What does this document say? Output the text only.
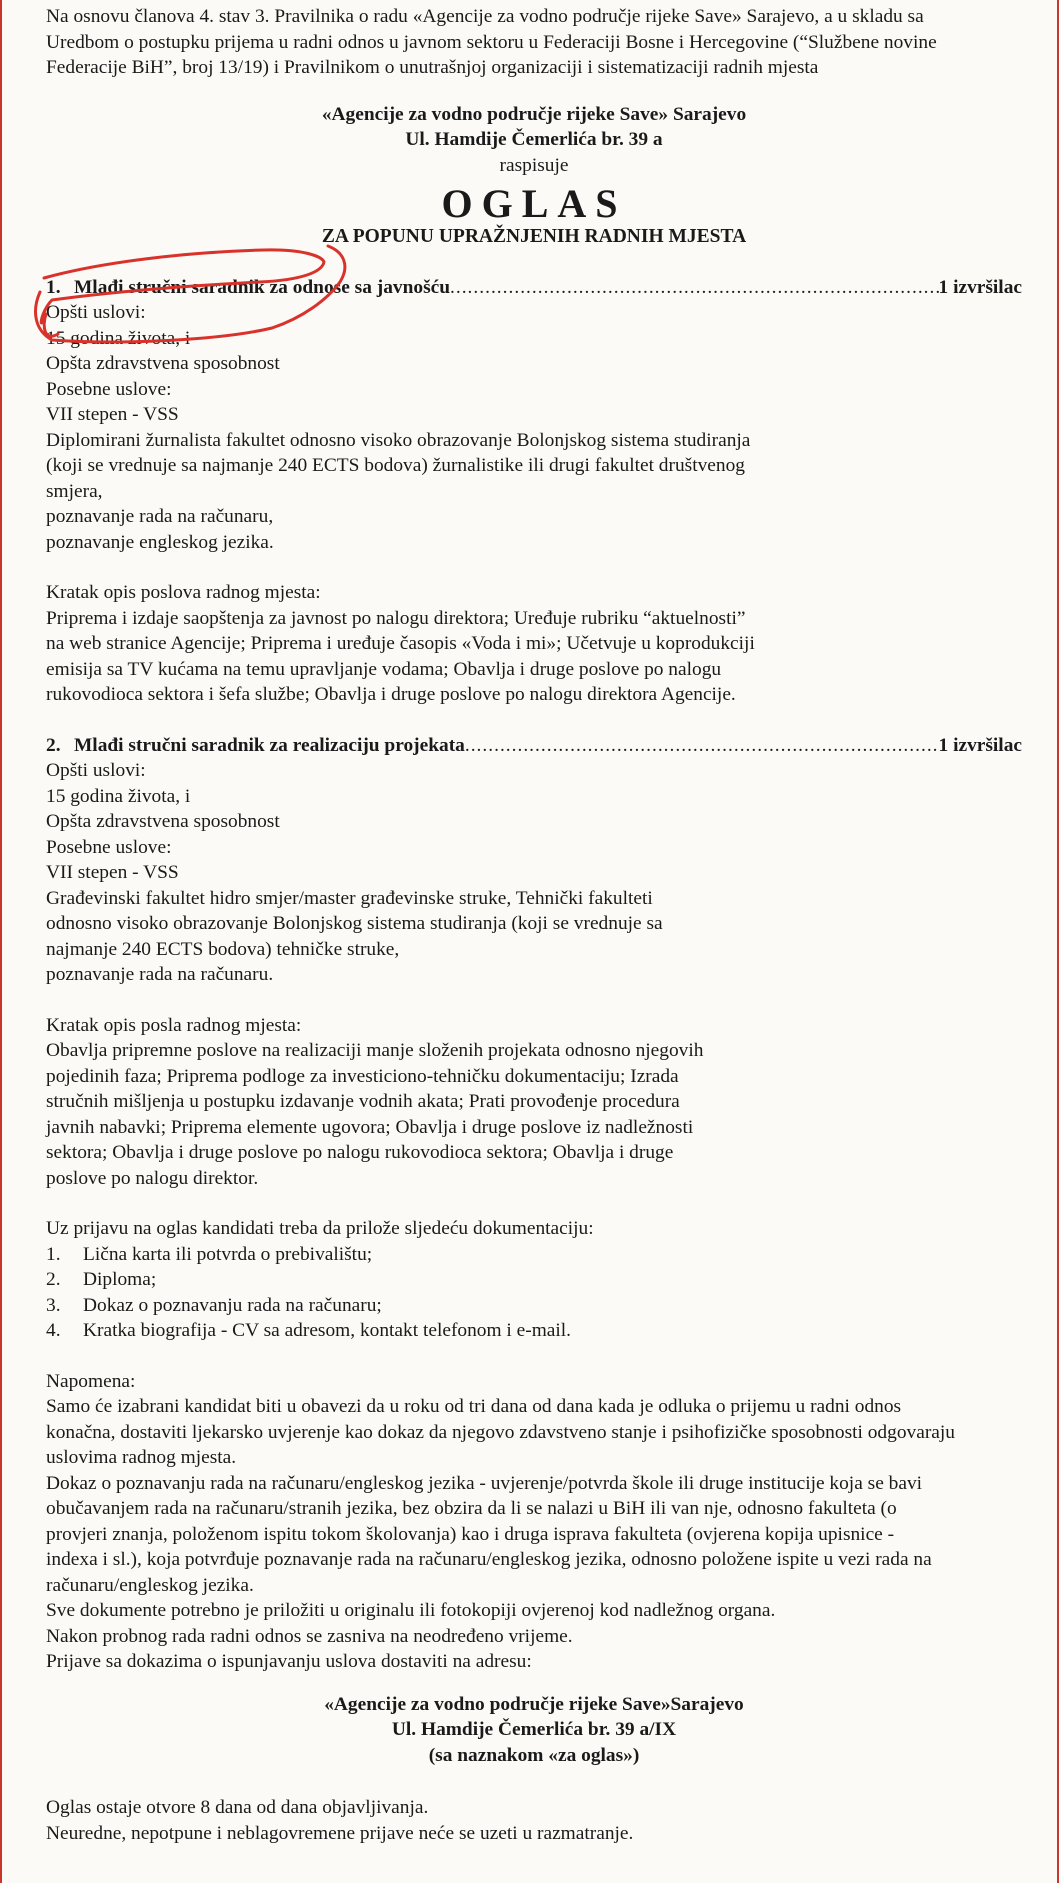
Na osnovu članova 4. stav 3. Pravilnika o radu «Agencije za vodno područje rijeke Save» Sarajevo, a u skladu sa

Uredbom o postupku prijema u radni odnos u javnom sektoru u Federaciji Bosne i Hercegovine (“Službene novine

Federacije BiH”, broj 13/19) i Pravilnikom o unutrašnjoj organizaciji i sistematizaciji radnih mjesta

«Agencije za vodno područje rijeke Save» Sarajevo

Ul. Hamdije Čemerlića br. 39 a

raspisuje

OGLAS

ZA POPUNU UPRAŽNJENIH RADNIH MJESTA

1. Mlađi stručni saradnik za odnose sa javnošću .....	1 izvršilac

Opšti uslovi:

15 godina života, i

Opšta zdravstvena sposobnost

Posebne uslove:

VII stepen - VSS

Diplomirani žurnalista fakultet odnosno visoko obrazovanje Bolonjskog sistema studiranja

(koji se vrednuje sa najmanje 240 ECTS bodova) žurnalistike ili drugi fakultet društvenog

smjera,

poznavanje rada na računaru,

poznavanje engleskog jezika.

Kratak opis poslova radnog mjesta:

Priprema i izdaje saopštenja za javnost po nalogu direktora; Uređuje rubriku “aktuelnosti”

na web stranice Agencije; Priprema i uređuje časopis «Voda i mi»; Učetvuje u koprodukciji

emisija sa TV kućama na temu upravljanje vodama; Obavlja i druge poslove po nalogu

rukovodioca sektora i šefa službe; Obavlja i druge poslove po nalogu direktora Agencije.

2. Mlađi stručni saradnik za realizaciju projekata .....	1 izvršilac

Opšti uslovi:

15 godina života, i

Opšta zdravstvena sposobnost

Posebne uslove:

VII stepen - VSS

Građevinski fakultet hidro smjer/master građevinske struke, Tehnički fakulteti

odnosno visoko obrazovanje Bolonjskog sistema studiranja (koji se vrednuje sa

najmanje 240 ECTS bodova) tehničke struke,

poznavanje rada na računaru.

Kratak opis posla radnog mjesta:

Obavlja pripremne poslove na realizaciji manje složenih projekata odnosno njegovih

pojedinih faza; Priprema podloge za investiciono-tehničku dokumentaciju; Izrada

stručnih mišljenja u postupku izdavanje vodnih akata; Prati provođenje procedura

javnih nabavki; Priprema elemente ugovora; Obavlja i druge poslove iz nadležnosti

sektora; Obavlja i druge poslove po nalogu rukovodioca sektora; Obavlja i druge

poslove po nalogu direktor.

Uz prijavu na oglas kandidati treba da prilože sljedeću dokumentaciju:

1.	Lična karta ili potvrda o prebivalištu;
2.	Diploma;
3.	Dokaz o poznavanju rada na računaru;
4.	Kratka biografija - CV sa adresom, kontakt telefonom i e-mail.

Napomena:

Samo će izabrani kandidat biti u obavezi da u roku od tri dana od dana kada je odluka o prijemu u radni odnos

konačna, dostaviti ljekarsko uvjerenje kao dokaz da njegovo zdavstveno stanje i psihofizičke sposobnosti odgovaraju

uslovima radnog mjesta.

Dokaz o poznavanju rada na računaru/engleskog jezika - uvjerenje/potvrda škole ili druge institucije koja se bavi

obučavanjem rada na računaru/stranih jezika, bez obzira da li se nalazi u BiH ili van nje, odnosno fakulteta (o

provjeri znanja, položenom ispitu tokom školovanja) kao i druga isprava fakulteta (ovjerena kopija upisnice -

indexa i sl.), koja potvrđuje poznavanje rada na računaru/engleskog jezika, odnosno položene ispite u vezi rada na

računaru/engleskog jezika.

Sve dokumente potrebno je priložiti u originalu ili fotokopiji ovjerenoj kod nadležnog organa.

Nakon probnog rada radni odnos se zasniva na neodređeno vrijeme.

Prijave sa dokazima o ispunjavanju uslova dostaviti na adresu:

«Agencije za vodno područje rijeke Save»Sarajevo

Ul. Hamdije Čemerlića br. 39 a/IX

(sa naznakom «za oglas»)

Oglas ostaje otvore 8 dana od dana objavljivanja.

Neuredne, nepotpune i neblagovremene prijave neće se uzeti u razmatranje.
